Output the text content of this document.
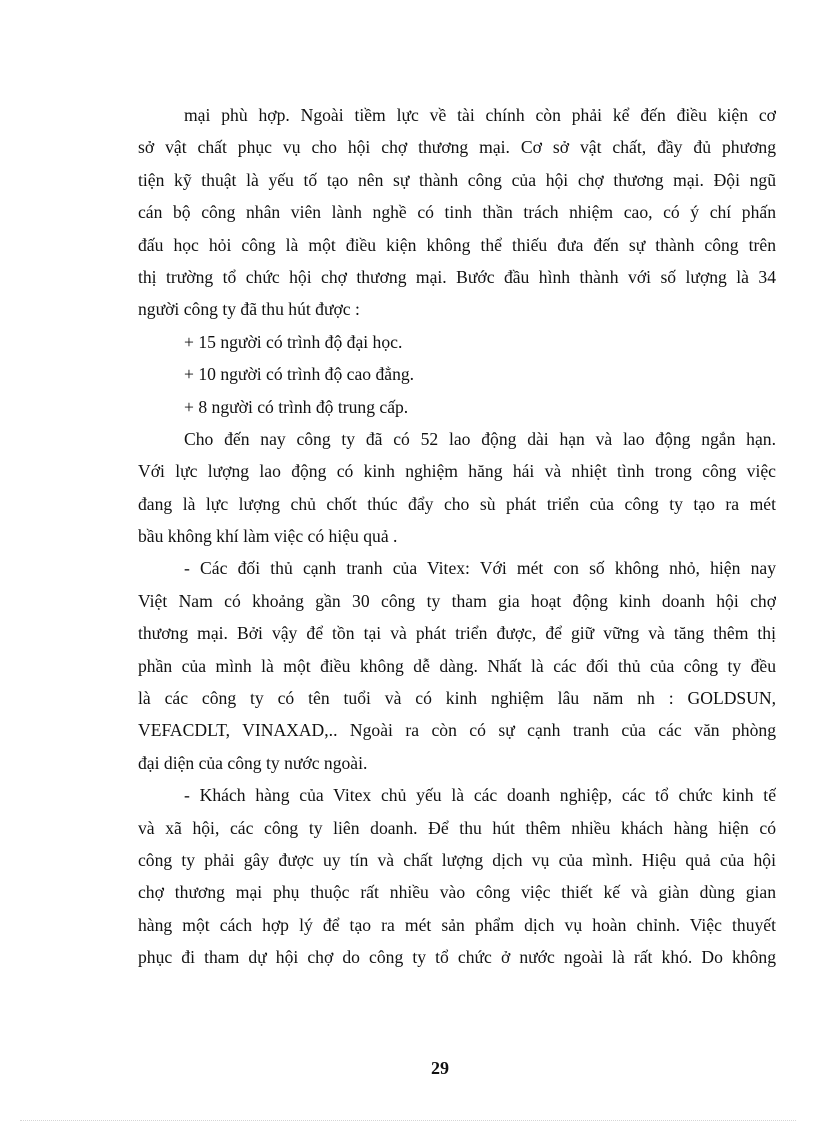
mại phù hợp. Ngoài tiềm lực về tài chính còn phải kể đến điều kiện cơ
sở vật chất phục vụ cho hội chợ thương mại. Cơ sở vật chất, đầy đủ phương
tiện kỹ thuật là yếu tố tạo nên sự thành công của hội chợ thương mại. Đội ngũ
cán bộ công nhân viên lành nghề có tinh thần trách nhiệm cao, có ý chí phấn
đấu học hỏi công là một điều kiện không thể thiếu đưa đến sự thành công trên
thị trường tổ chức hội chợ thương mại. Bước đầu hình thành với số lượng là 34
người công ty đã thu hút được :
+ 15 người có trình độ đại học.
+ 10 người có trình độ cao đẳng.
+ 8 người có trình độ trung cấp.
Cho đến nay công ty đã có 52 lao động dài hạn và lao động ngắn hạn.
Với lực lượng lao động có kinh nghiệm hăng hái và nhiệt tình trong công việc
đang là lực lượng chủ chốt thúc đẩy cho sù phát triển của công ty tạo ra mét
bầu không khí làm việc có hiệu quả .
- Các đối thủ cạnh tranh của Vitex: Với mét con số không nhỏ, hiện nay
Việt Nam có khoảng gần 30 công ty tham gia hoạt động kinh doanh hội chợ
thương mại. Bởi vậy để tồn tại và phát triển được, để giữ vững và tăng thêm thị
phần của mình là một điều không dễ dàng. Nhất là các đối thủ của công ty đều
là các công ty có tên tuổi và có kinh nghiệm lâu năm nh : GOLDSUN,
VEFACDLT, VINAXAD,.. Ngoài ra còn có sự cạnh tranh của các văn phòng
đại diện của công ty nước ngoài.
- Khách hàng của Vitex chủ yếu là các doanh nghiệp, các tổ chức kinh tế
và xã hội, các công ty liên doanh. Để thu hút thêm nhiều khách hàng hiện có
công ty phải gây được uy tín và chất lượng dịch vụ của mình. Hiệu quả của hội
chợ thương mại phụ thuộc rất nhiều vào công việc thiết kế và giàn dùng gian
hàng một cách hợp lý để tạo ra mét sản phẩm dịch vụ hoàn chỉnh. Việc thuyết
phục đi tham dự hội chợ do công ty tổ chức ở nước ngoài là rất khó. Do không
29
